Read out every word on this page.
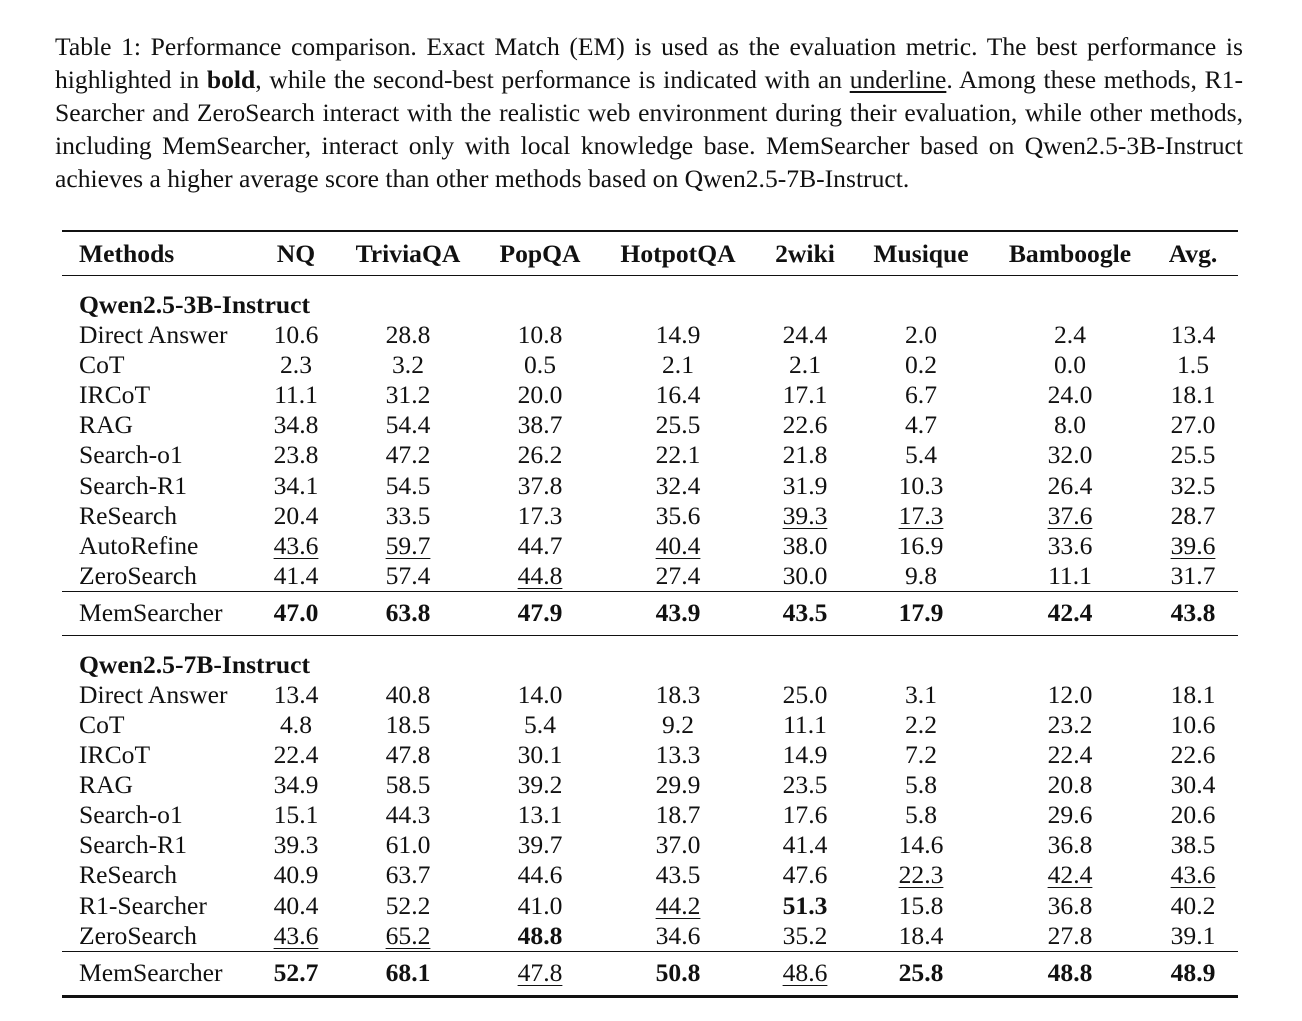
Table 1: Performance comparison. Exact Match (EM) is used as the evaluation metric. The best performance is highlighted in bold, while the second-best performance is indicated with an underline. Among these methods, R1-Searcher and ZeroSearch interact with the realistic web environment during their evaluation, while other methods, including MemSearcher, interact only with local knowledge base. MemSearcher based on Qwen2.5-3B-Instruct achieves a higher average score than other methods based on Qwen2.5-7B-Instruct.
Methods	NQ	TriviaQA	PopQA	HotpotQA	2wiki	Musique	Bamboogle	Avg.
Qwen2.5-3B-Instruct								
Direct Answer	10.6	28.8	10.8	14.9	24.4	2.0	2.4	13.4
CoT	2.3	3.2	0.5	2.1	2.1	0.2	0.0	1.5
IRCoT	11.1	31.2	20.0	16.4	17.1	6.7	24.0	18.1
RAG	34.8	54.4	38.7	25.5	22.6	4.7	8.0	27.0
Search-o1	23.8	47.2	26.2	22.1	21.8	5.4	32.0	25.5
Search-R1	34.1	54.5	37.8	32.4	31.9	10.3	26.4	32.5
ReSearch	20.4	33.5	17.3	35.6	39.3	17.3	37.6	28.7
AutoRefine	43.6	59.7	44.7	40.4	38.0	16.9	33.6	39.6
ZeroSearch	41.4	57.4	44.8	27.4	30.0	9.8	11.1	31.7
MemSearcher	47.0	63.8	47.9	43.9	43.5	17.9	42.4	43.8
Qwen2.5-7B-Instruct								
Direct Answer	13.4	40.8	14.0	18.3	25.0	3.1	12.0	18.1
CoT	4.8	18.5	5.4	9.2	11.1	2.2	23.2	10.6
IRCoT	22.4	47.8	30.1	13.3	14.9	7.2	22.4	22.6
RAG	34.9	58.5	39.2	29.9	23.5	5.8	20.8	30.4
Search-o1	15.1	44.3	13.1	18.7	17.6	5.8	29.6	20.6
Search-R1	39.3	61.0	39.7	37.0	41.4	14.6	36.8	38.5
ReSearch	40.9	63.7	44.6	43.5	47.6	22.3	42.4	43.6
R1-Searcher	40.4	52.2	41.0	44.2	51.3	15.8	36.8	40.2
ZeroSearch	43.6	65.2	48.8	34.6	35.2	18.4	27.8	39.1
MemSearcher	52.7	68.1	47.8	50.8	48.6	25.8	48.8	48.9
